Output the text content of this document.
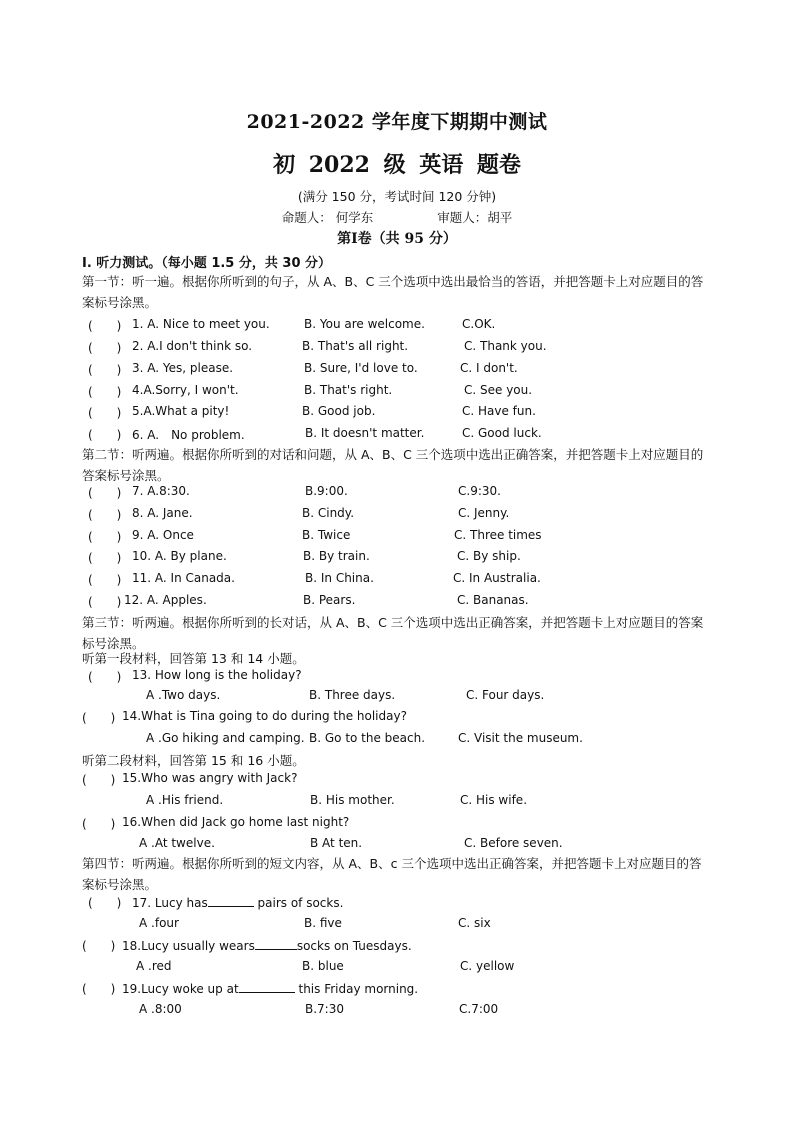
2021-2022 学年度下期期中测试
初 2022 级 英语 题卷
(满分 150 分，考试时间 120 分钟)
命题人： 何学东	审题人：胡平
第Ⅰ卷（共 95 分）
I. 听力测试。（每小题 1.5 分，共 30 分）
第一节：听一遍。根据你所听到的句子，从 A、B、C 三个选项中选出最恰当的答语，并把答题卡上对应题目的答案标号涂黑。
(　　) 1. A. Nice to meet you.	B. You are welcome.	C.OK.
(　　) 2. A.I don't think so.	B. That's all right.	C. Thank you.
(　　) 3. A. Yes, please.	B. Sure, I'd love to.	C. I don't.
(　　) 4.A.Sorry, I won't.	B. That's right.	C. See you.
(　　) 5.A.What a pity!	B. Good job.	C. Have fun.
(　　) 6. A.　No problem.	B. It doesn't matter.	C. Good luck.
第二节：听两遍。根据你所听到的对话和问题，从 A、B、C 三个选项中选出正确答案，并把答题卡上对应题目的答案标号涂黑。
(　　) 7. A.8:30.	B.9:00.	C.9:30.
(　　) 8. A. Jane.	B. Cindy.	C. Jenny.
(　　) 9. A. Once	B. Twice	C. Three times
(　　) 10. A. By plane.	B. By train.	C. By ship.
(　　) 11. A. In Canada.	B. In China.	C. In Australia.
(　　) 12. A. Apples.	B. Pears.	C. Bananas.
第三节：听两遍。根据你所听到的长对话，从 A、B、C 三个选项中选出正确答案，并把答题卡上对应题目的答案标号涂黑。
听第一段材料，回答第 13 和 14 小题。
(　　) 13. How long is the holiday?
A .Two days.	B. Three days.	C. Four days.
(　　) 14.What is Tina going to do during the holiday?
A .Go hiking and camping. B. Go to the beach.	C. Visit the museum.
听第二段材料，回答第 15 和 16 小题。
(　　) 15.Who was angry with Jack?
A .His friend.	B. His mother.	C. His wife.
(　　) 16.When did Jack go home last night?
A .At twelve.	B At ten.	C. Before seven.
第四节：听两遍。根据你所听到的短文内容，从 A、B、c 三个选项中选出正确答案，并把答题卡上对应题目的答案标号涂黑。
(　　) 17. Lucy has	pairs of socks.
A .four	B. five	C. six
(　　) 18.Lucy usually wears	socks on Tuesdays.
A .red	B. blue	C. yellow
(　　) 19.Lucy woke up at	this Friday morning.
A .8:00	B.7:30	C.7:00
